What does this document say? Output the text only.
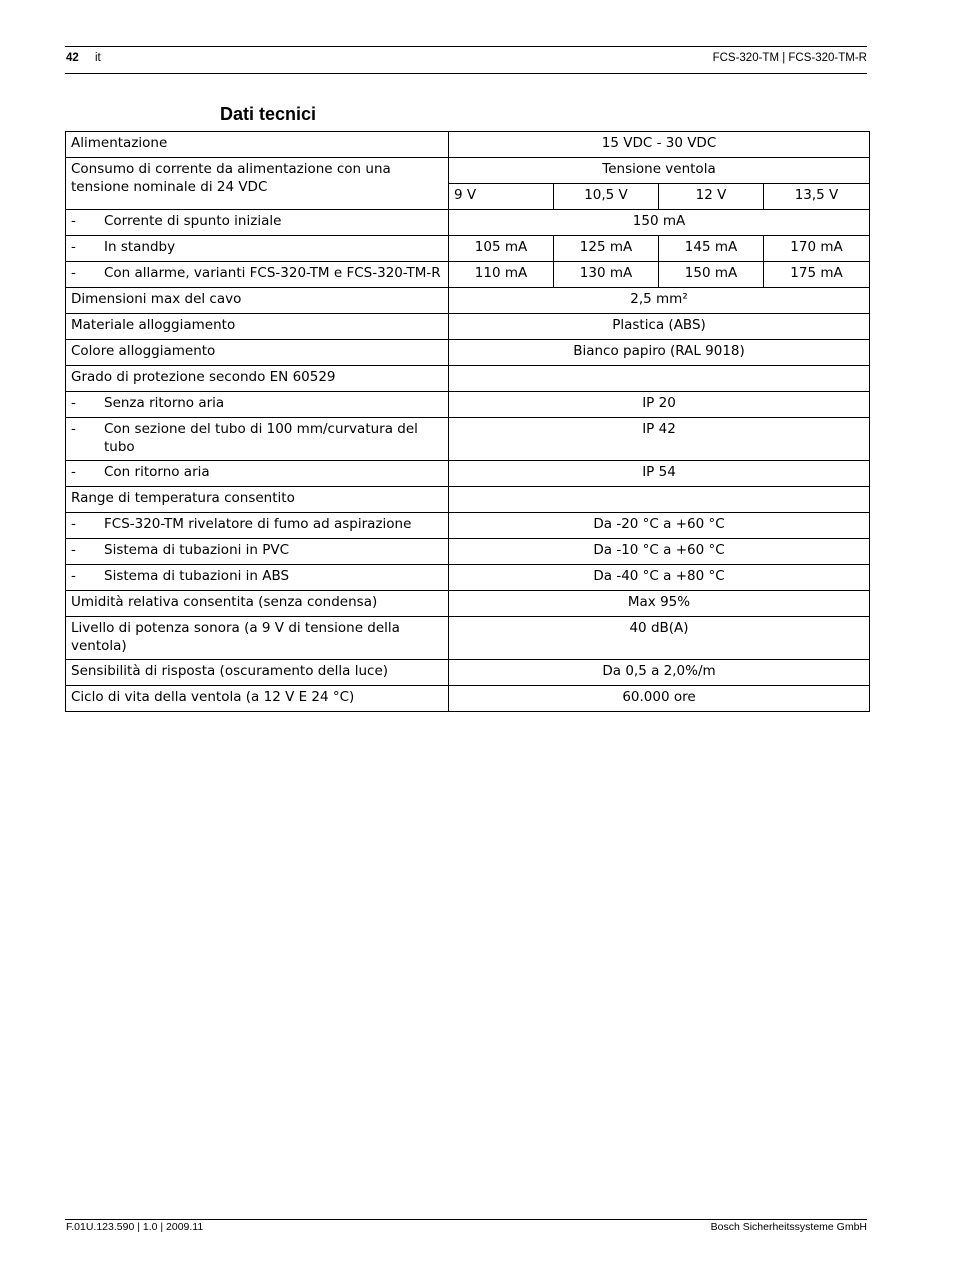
42 it	FCS-320-TM | FCS-320-TM-R
Dati tecnici
Alimentazione	15 VDC - 30 VDC			
Consumo di corrente da alimentazione con una tensione nominale di 24 VDC	Tensione ventola			
	9 V	10,5 V	12 V	13,5 V

- Corrente di spunto iniziale	150 mA			

- In standby	105 mA	125 mA	145 mA	170 mA

- Con allarme, varianti FCS-320-TM e FCS-320-TM-R	110 mA	130 mA	150 mA	175 mA
Dimensioni max del cavo	2,5 mm²			
Materiale alloggiamento	Plastica (ABS)			
Colore alloggiamento	Bianco papiro (RAL 9018)			
Grado di protezione secondo EN 60529				

- Senza ritorno aria	IP 20			

- Con sezione del tubo di 100 mm/curvatura del tubo	IP 42			

- Con ritorno aria	IP 54			
Range di temperatura consentito				

- FCS-320-TM rivelatore di fumo ad aspirazione	Da -20 °C a +60 °C			

- Sistema di tubazioni in PVC	Da -10 °C a +60 °C			

- Sistema di tubazioni in ABS	Da -40 °C a +80 °C			
Umidità relativa consentita (senza condensa)	Max 95%			
Livello di potenza sonora (a 9 V di tensione della ventola)	40 dB(A)			
Sensibilità di risposta (oscuramento della luce)	Da 0,5 a 2,0%/m			
Ciclo di vita della ventola (a 12 V E 24 °C)	60.000 ore			
F.01U.123.590 | 1.0 | 2009.11	Bosch Sicherheitssysteme GmbH
